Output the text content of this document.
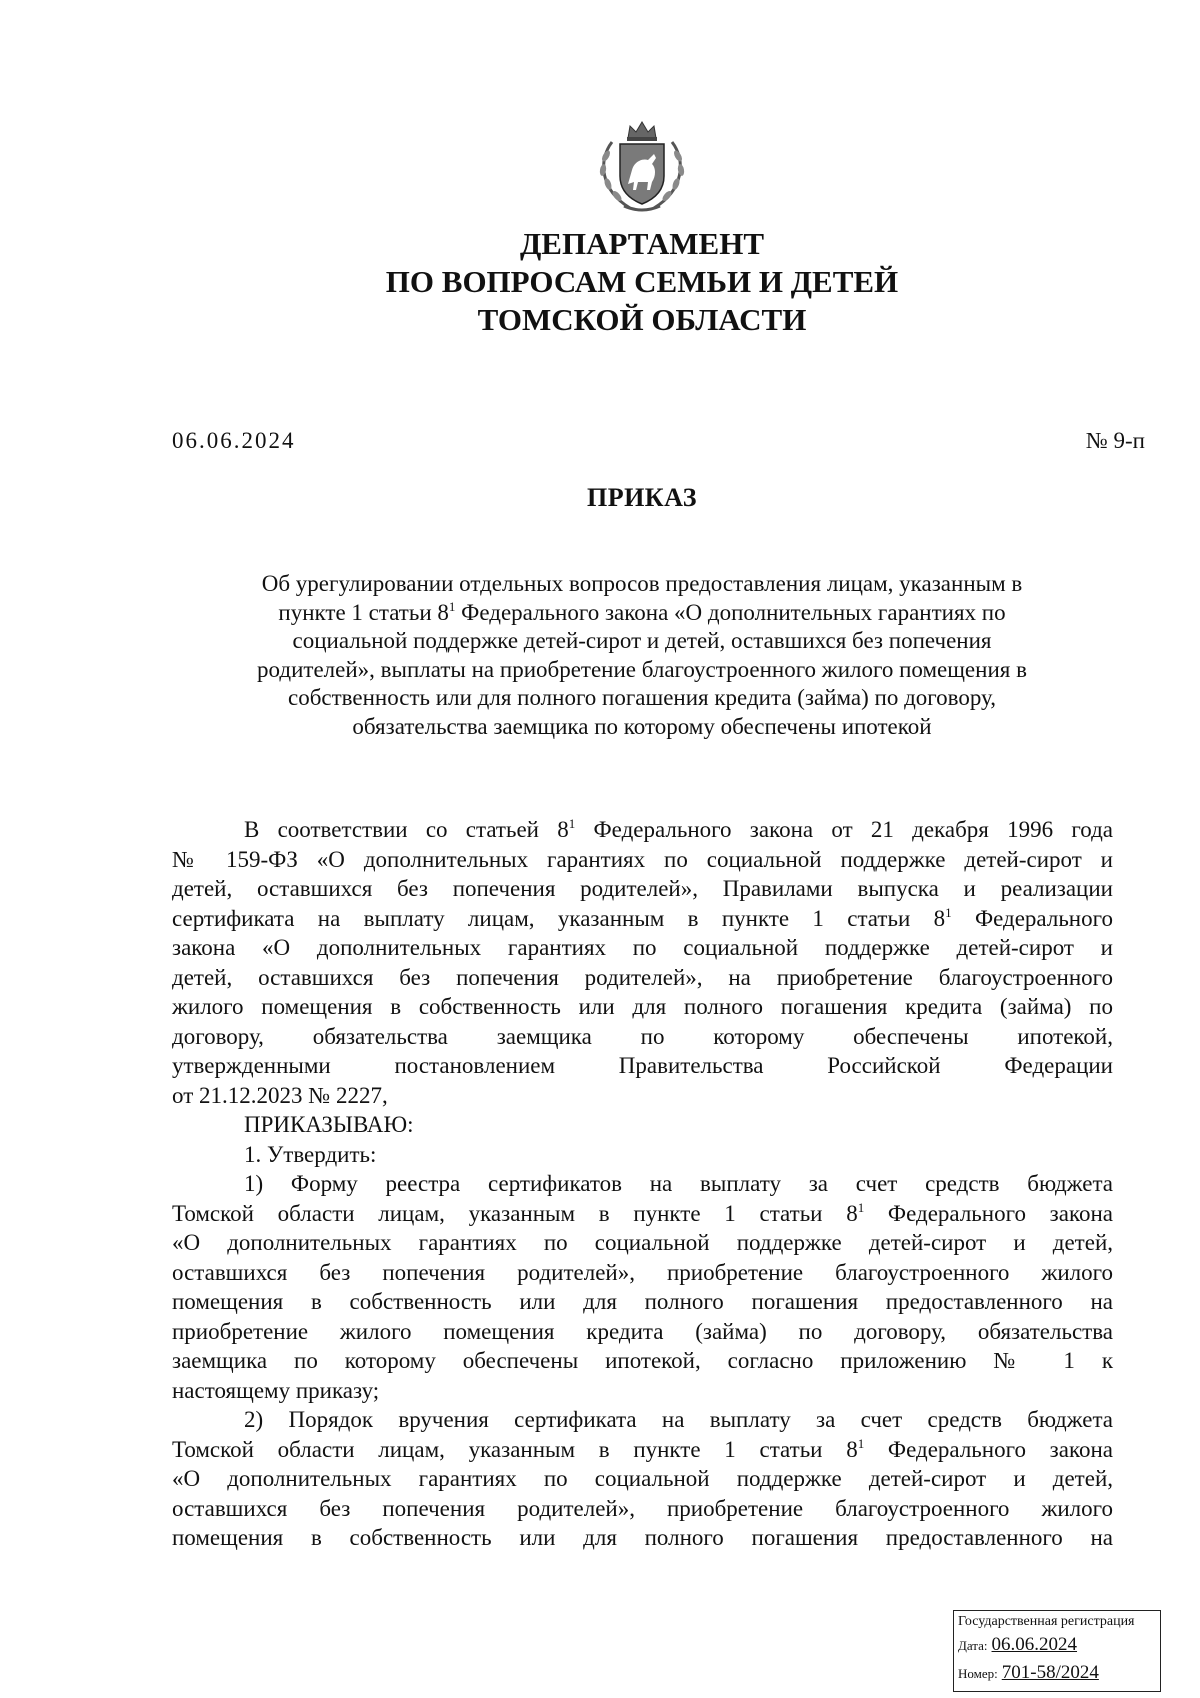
ДЕПАРТАМЕНТ
ПО ВОПРОСАМ СЕМЬИ И ДЕТЕЙ
ТОМСКОЙ ОБЛАСТИ
06.06.2024	№ 9-п
ПРИКАЗ
Об урегулировании отдельных вопросов предоставления лицам, указанным в
пункте 1 статьи $8^1$ Федерального закона «О дополнительных гарантиях по
социальной поддержке детей-сирот и детей, оставшихся без попечения
родителей», выплаты на приобретение благоустроенного жилого помещения в
собственность или для полного погашения кредита (займа) по договору,
обязательства заемщика по которому обеспечены ипотекой

В соответствии со статьей $8^1$ Федерального закона от 21 декабря 1996 года

№ 159-ФЗ «О дополнительных гарантиях по социальной поддержке детей-сирот и

детей, оставшихся без попечения родителей», Правилами выпуска и реализации

сертификата на выплату лицам, указанным в пункте 1 статьи $8^1$ Федерального

закона «О дополнительных гарантиях по социальной поддержке детей-сирот и

детей, оставшихся без попечения родителей», на приобретение благоустроенного

жилого помещения в собственность или для полного погашения кредита (займа) по

договору, обязательства заемщика по которому обеспечены ипотекой,

утвержденными постановлением Правительства Российской Федерации

от 21.12.2023 № 2227,

ПРИКАЗЫВАЮ:

1. Утвердить:

1) Форму реестра сертификатов на выплату за счет средств бюджета

Томской области лицам, указанным в пункте 1 статьи $8^1$ Федерального закона

«О дополнительных гарантиях по социальной поддержке детей-сирот и детей,

оставшихся без попечения родителей», приобретение благоустроенного жилого

помещения в собственность или для полного погашения предоставленного на

приобретение жилого помещения кредита (займа) по договору, обязательства

заемщика по которому обеспечены ипотекой, согласно приложению № 1 к

настоящему приказу;

2) Порядок вручения сертификата на выплату за счет средств бюджета

Томской области лицам, указанным в пункте 1 статьи $8^1$ Федерального закона

«О дополнительных гарантиях по социальной поддержке детей-сирот и детей,

оставшихся без попечения родителей», приобретение благоустроенного жилого

помещения в собственность или для полного погашения предоставленного на

Государственная регистрация
Дата: 06.06.2024
Номер: 701-58/2024
